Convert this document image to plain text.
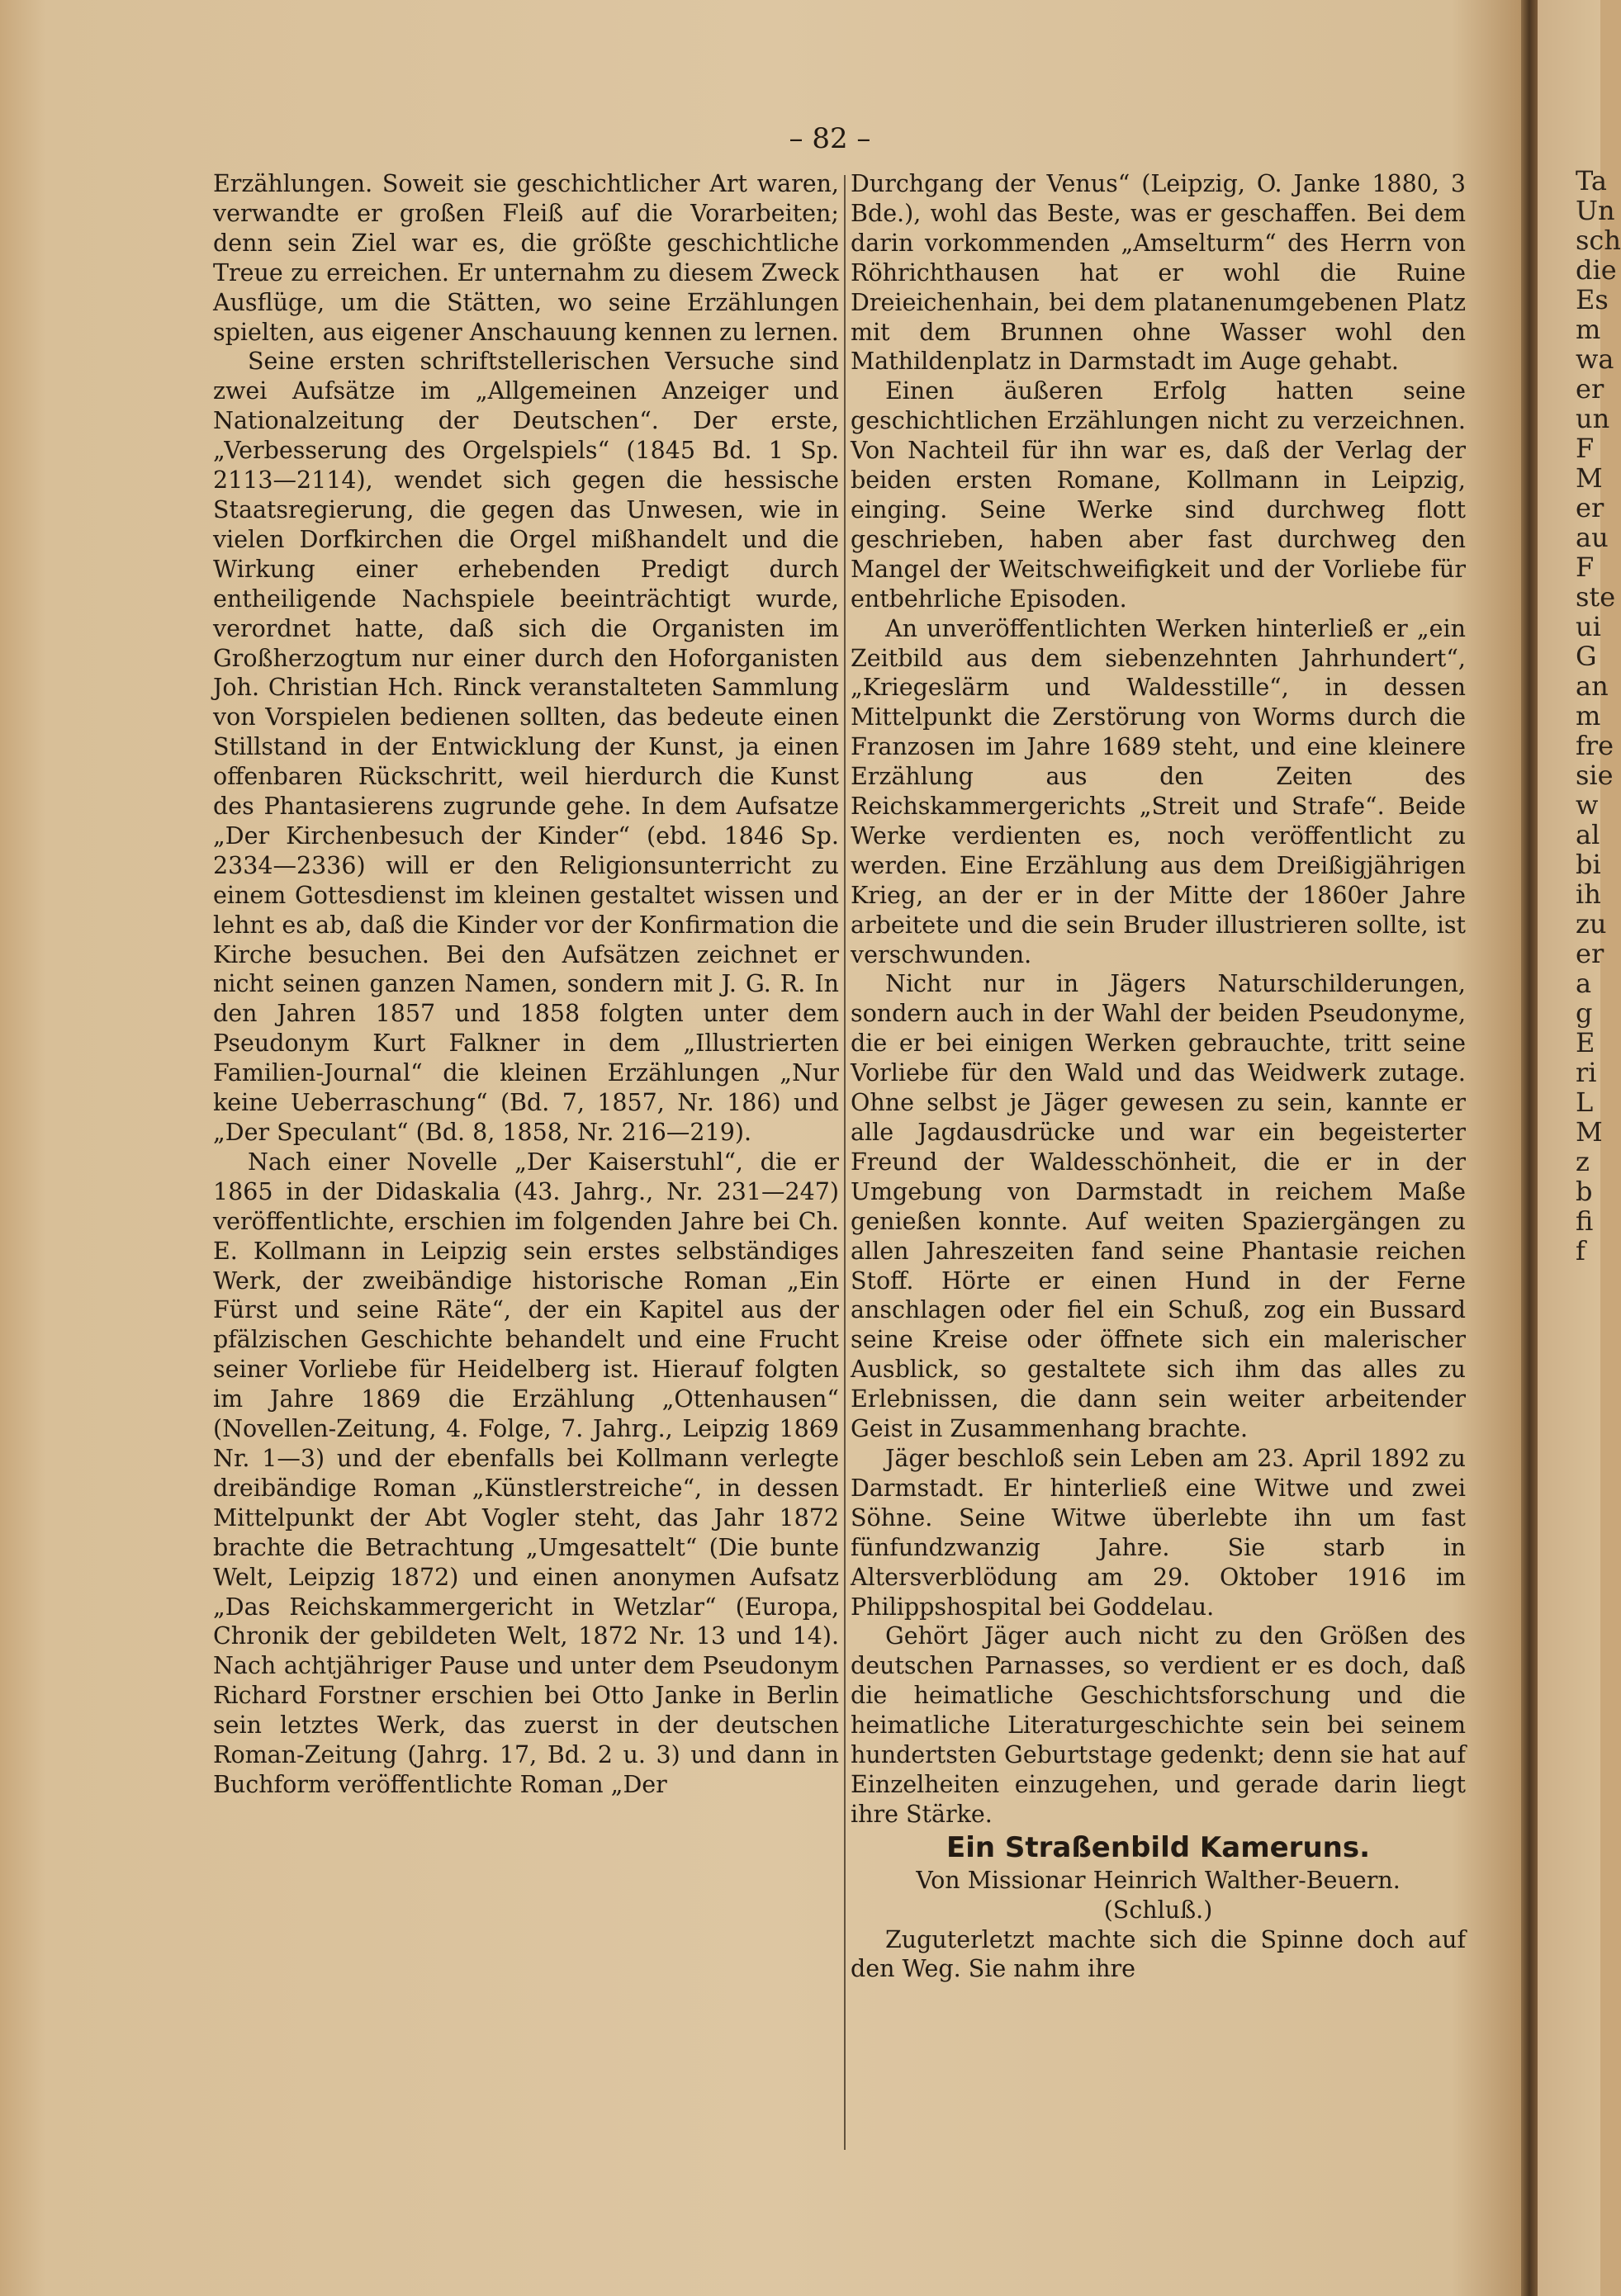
Ta
Un
sch
die
Es
m
wa
er
un
F
M
er
au
F
ste
ui
G
an
m
fre
sie
w
al
bi
ih
zu
er
a
g
E
ri
L
M
z
b
fi
f
– 82 –

Erzählungen. Soweit sie geschichtlicher Art waren, verwandte er großen Fleiß auf die Vorarbeiten; denn sein Ziel war es, die größte geschichtliche Treue zu erreichen. Er unternahm zu diesem Zweck Ausflüge, um die Stätten, wo seine Erzählungen spielten, aus eigener Anschauung kennen zu lernen.

Seine ersten schriftstellerischen Versuche sind zwei Aufsätze im „Allgemeinen Anzeiger und Nationalzeitung der Deutschen“. Der erste, „Verbesserung des Orgelspiels“ (1845 Bd. 1 Sp. 2113—2114), wendet sich gegen die hessische Staatsregierung, die gegen das Unwesen, wie in vielen Dorfkirchen die Orgel mißhandelt und die Wirkung einer erhebenden Predigt durch entheiligende Nachspiele beeinträchtigt wurde, verordnet hatte, daß sich die Organisten im Großherzogtum nur einer durch den Hoforganisten Joh. Christian Hch. Rinck veranstalteten Sammlung von Vorspielen bedienen sollten, das bedeute einen Stillstand in der Entwicklung der Kunst, ja einen offenbaren Rückschritt, weil hierdurch die Kunst des Phantasierens zugrunde gehe. In dem Aufsatze „Der Kirchenbesuch der Kinder“ (ebd. 1846 Sp. 2334—2336) will er den Religionsunterricht zu einem Gottesdienst im kleinen gestaltet wissen und lehnt es ab, daß die Kinder vor der Konfirmation die Kirche besuchen. Bei den Aufsätzen zeichnet er nicht seinen ganzen Namen, sondern mit J. G. R. In den Jahren 1857 und 1858 folgten unter dem Pseudonym Kurt Falkner in dem „Illustrierten Familien-Journal“ die kleinen Erzählungen „Nur keine Ueberraschung“ (Bd. 7, 1857, Nr. 186) und „Der Speculant“ (Bd. 8, 1858, Nr. 216—219).

Nach einer Novelle „Der Kaiserstuhl“, die er 1865 in der Didaskalia (43. Jahrg., Nr. 231—247) veröffentlichte, erschien im folgenden Jahre bei Ch. E. Kollmann in Leipzig sein erstes selbständiges Werk, der zweibändige historische Roman „Ein Fürst und seine Räte“, der ein Kapitel aus der pfälzischen Geschichte behandelt und eine Frucht seiner Vorliebe für Heidelberg ist. Hierauf folgten im Jahre 1869 die Erzählung „Ottenhausen“ (Novellen-Zeitung, 4. Folge, 7. Jahrg., Leipzig 1869 Nr. 1—3) und der ebenfalls bei Kollmann verlegte dreibändige Roman „Künstlerstreiche“, in dessen Mittelpunkt der Abt Vogler steht, das Jahr 1872 brachte die Betrachtung „Umgesattelt“ (Die bunte Welt, Leipzig 1872) und einen anonymen Aufsatz „Das Reichskammergericht in Wetzlar“ (Europa, Chronik der gebildeten Welt, 1872 Nr. 13 und 14). Nach achtjähriger Pause und unter dem Pseudonym Richard Forstner erschien bei Otto Janke in Berlin sein letztes Werk, das zuerst in der deutschen Roman-Zeitung (Jahrg. 17, Bd. 2 u. 3) und dann in Buchform veröffentlichte Roman „Der

Durchgang der Venus“ (Leipzig, O. Janke 1880, 3 Bde.), wohl das Beste, was er geschaffen. Bei dem darin vorkommenden „Amselturm“ des Herrn von Röhrichthausen hat er wohl die Ruine Dreieichenhain, bei dem platanenumgebenen Platz mit dem Brunnen ohne Wasser wohl den Mathildenplatz in Darmstadt im Auge gehabt.

Einen äußeren Erfolg hatten seine geschichtlichen Erzählungen nicht zu verzeichnen. Von Nachteil für ihn war es, daß der Verlag der beiden ersten Romane, Kollmann in Leipzig, einging. Seine Werke sind durchweg flott geschrieben, haben aber fast durchweg den Mangel der Weitschweifigkeit und der Vorliebe für entbehrliche Episoden.

An unveröffentlichten Werken hinterließ er „ein Zeitbild aus dem siebenzehnten Jahrhundert“, „Kriegeslärm und Waldesstille“, in dessen Mittelpunkt die Zerstörung von Worms durch die Franzosen im Jahre 1689 steht, und eine kleinere Erzählung aus den Zeiten des Reichskammergerichts „Streit und Strafe“. Beide Werke verdienten es, noch veröffentlicht zu werden. Eine Erzählung aus dem Dreißigjährigen Krieg, an der er in der Mitte der 1860er Jahre arbeitete und die sein Bruder illustrieren sollte, ist verschwunden.

Nicht nur in Jägers Naturschilderungen, sondern auch in der Wahl der beiden Pseudonyme, die er bei einigen Werken gebrauchte, tritt seine Vorliebe für den Wald und das Weidwerk zutage. Ohne selbst je Jäger gewesen zu sein, kannte er alle Jagdausdrücke und war ein begeisterter Freund der Waldesschönheit, die er in der Umgebung von Darmstadt in reichem Maße genießen konnte. Auf weiten Spaziergängen zu allen Jahreszeiten fand seine Phantasie reichen Stoff. Hörte er einen Hund in der Ferne anschlagen oder fiel ein Schuß, zog ein Bussard seine Kreise oder öffnete sich ein malerischer Ausblick, so gestaltete sich ihm das alles zu Erlebnissen, die dann sein weiter arbeitender Geist in Zusammenhang brachte.

Jäger beschloß sein Leben am 23. April 1892 zu Darmstadt. Er hinterließ eine Witwe und zwei Söhne. Seine Witwe überlebte ihn um fast fünfundzwanzig Jahre. Sie starb in Altersverblödung am 29. Oktober 1916 im Philippshospital bei Goddelau.

Gehört Jäger auch nicht zu den Größen des deutschen Parnasses, so verdient er es doch, daß die heimatliche Geschichtsforschung und die heimatliche Literaturgeschichte sein bei seinem hundertsten Geburtstage gedenkt; denn sie hat auf Einzelheiten einzugehen, und gerade darin liegt ihre Stärke.

Ein Straßenbild Kameruns.

Von Missionar Heinrich Walther-Beuern.

(Schluß.)

Zuguterletzt machte sich die Spinne doch auf den Weg. Sie nahm ihre
